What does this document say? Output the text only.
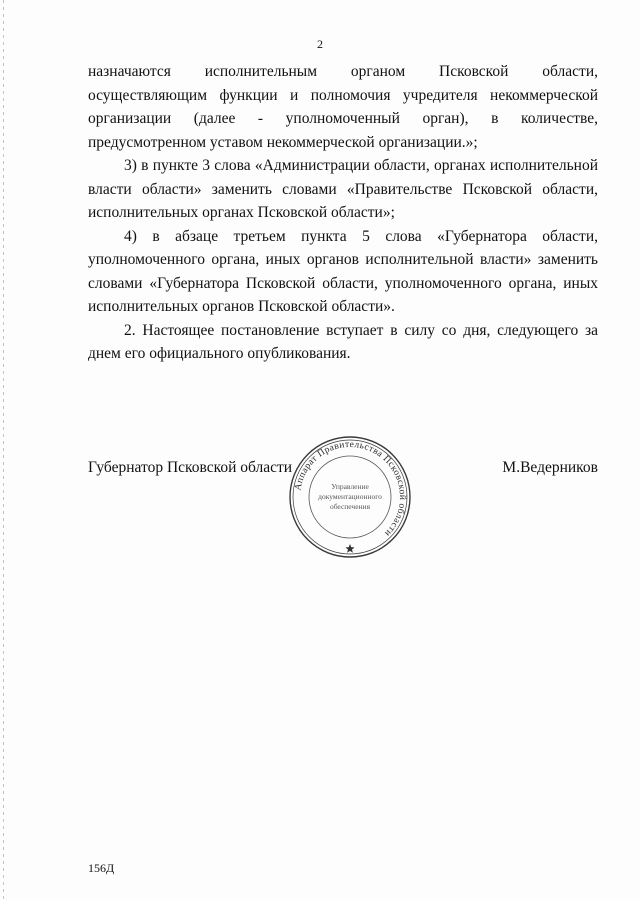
2

назначаются исполнительным органом Псковской области, осуществляющим функции и полномочия учредителя некоммерческой организации (далее - уполномоченный орган), в количестве, предусмотренном уставом некоммерческой организации.»;

3) в пункте 3 слова «Администрации области, органах исполнительной власти области» заменить словами «Правительстве Псковской области, исполнительных органах Псковской области»;

4) в абзаце третьем пункта 5 слова «Губернатора области, уполномоченного органа, иных органов исполнительной власти» заменить словами «Губернатора Псковской области, уполномоченного органа, иных исполнительных органов Псковской области».

2. Настоящее постановление вступает в силу со дня, следующего за днем его официального опубликования.

Губернатор Псковской области	М.Ведерников
Аппарат Правительства Псковской области
Управление
документационного
обеспечения
156Д
